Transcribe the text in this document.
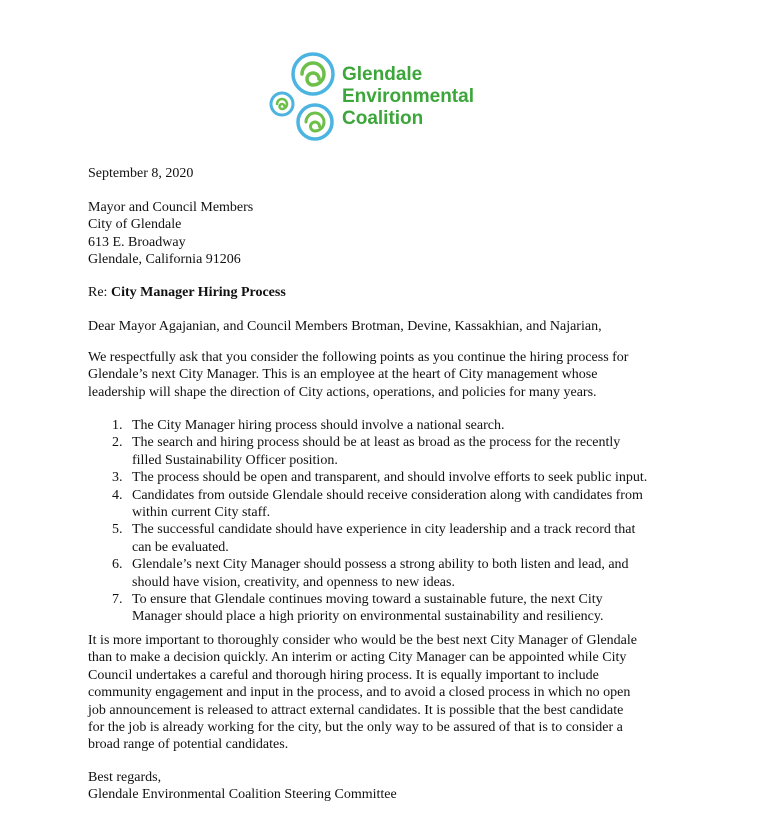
Glendale
Environmental
Coalition
September 8, 2020
Mayor and Council Members
City of Glendale
613 E. Broadway
Glendale, California 91206
Re: City Manager Hiring Process
Dear Mayor Agajanian, and Council Members Brotman, Devine, Kassakhian, and Najarian,
We respectfully ask that you consider the following points as you continue the hiring process for
Glendale’s next City Manager. This is an employee at the heart of City management whose
leadership will shape the direction of City actions, operations, and policies for many years.
1. The City Manager hiring process should involve a national search.
2. The search and hiring process should be at least as broad as the process for the recently
filled Sustainability Officer position.
3. The process should be open and transparent, and should involve efforts to seek public input.
4. Candidates from outside Glendale should receive consideration along with candidates from
within current City staff.
5. The successful candidate should have experience in city leadership and a track record that
can be evaluated.
6. Glendale’s next City Manager should possess a strong ability to both listen and lead, and
should have vision, creativity, and openness to new ideas.
7. To ensure that Glendale continues moving toward a sustainable future, the next City
Manager should place a high priority on environmental sustainability and resiliency.
It is more important to thoroughly consider who would be the best next City Manager of Glendale
than to make a decision quickly. An interim or acting City Manager can be appointed while City
Council undertakes a careful and thorough hiring process. It is equally important to include
community engagement and input in the process, and to avoid a closed process in which no open
job announcement is released to attract external candidates. It is possible that the best candidate
for the job is already working for the city, but the only way to be assured of that is to consider a
broad range of potential candidates.
Best regards,
Glendale Environmental Coalition Steering Committee
